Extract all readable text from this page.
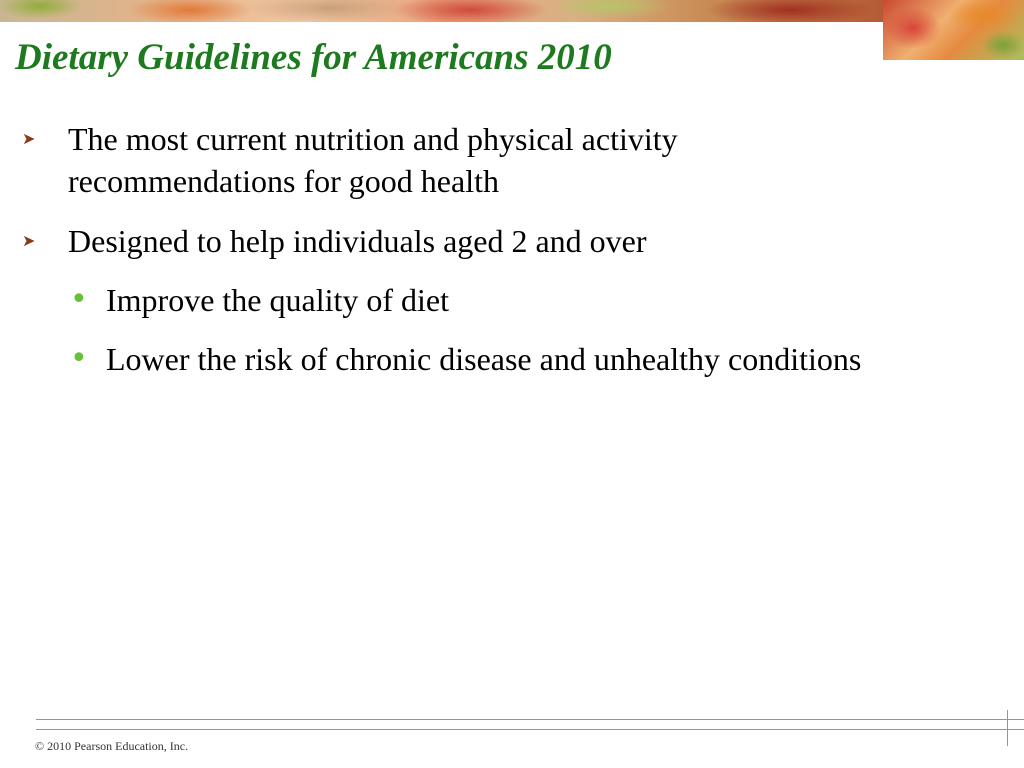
Dietary Guidelines for Americans 2010
➤ The most current nutrition and physical activity recommendations for good health
➤ Designed to help individuals aged 2 and over
• Improve the quality of diet
• Lower the risk of chronic disease and unhealthy conditions
© 2010 Pearson Education, Inc.
